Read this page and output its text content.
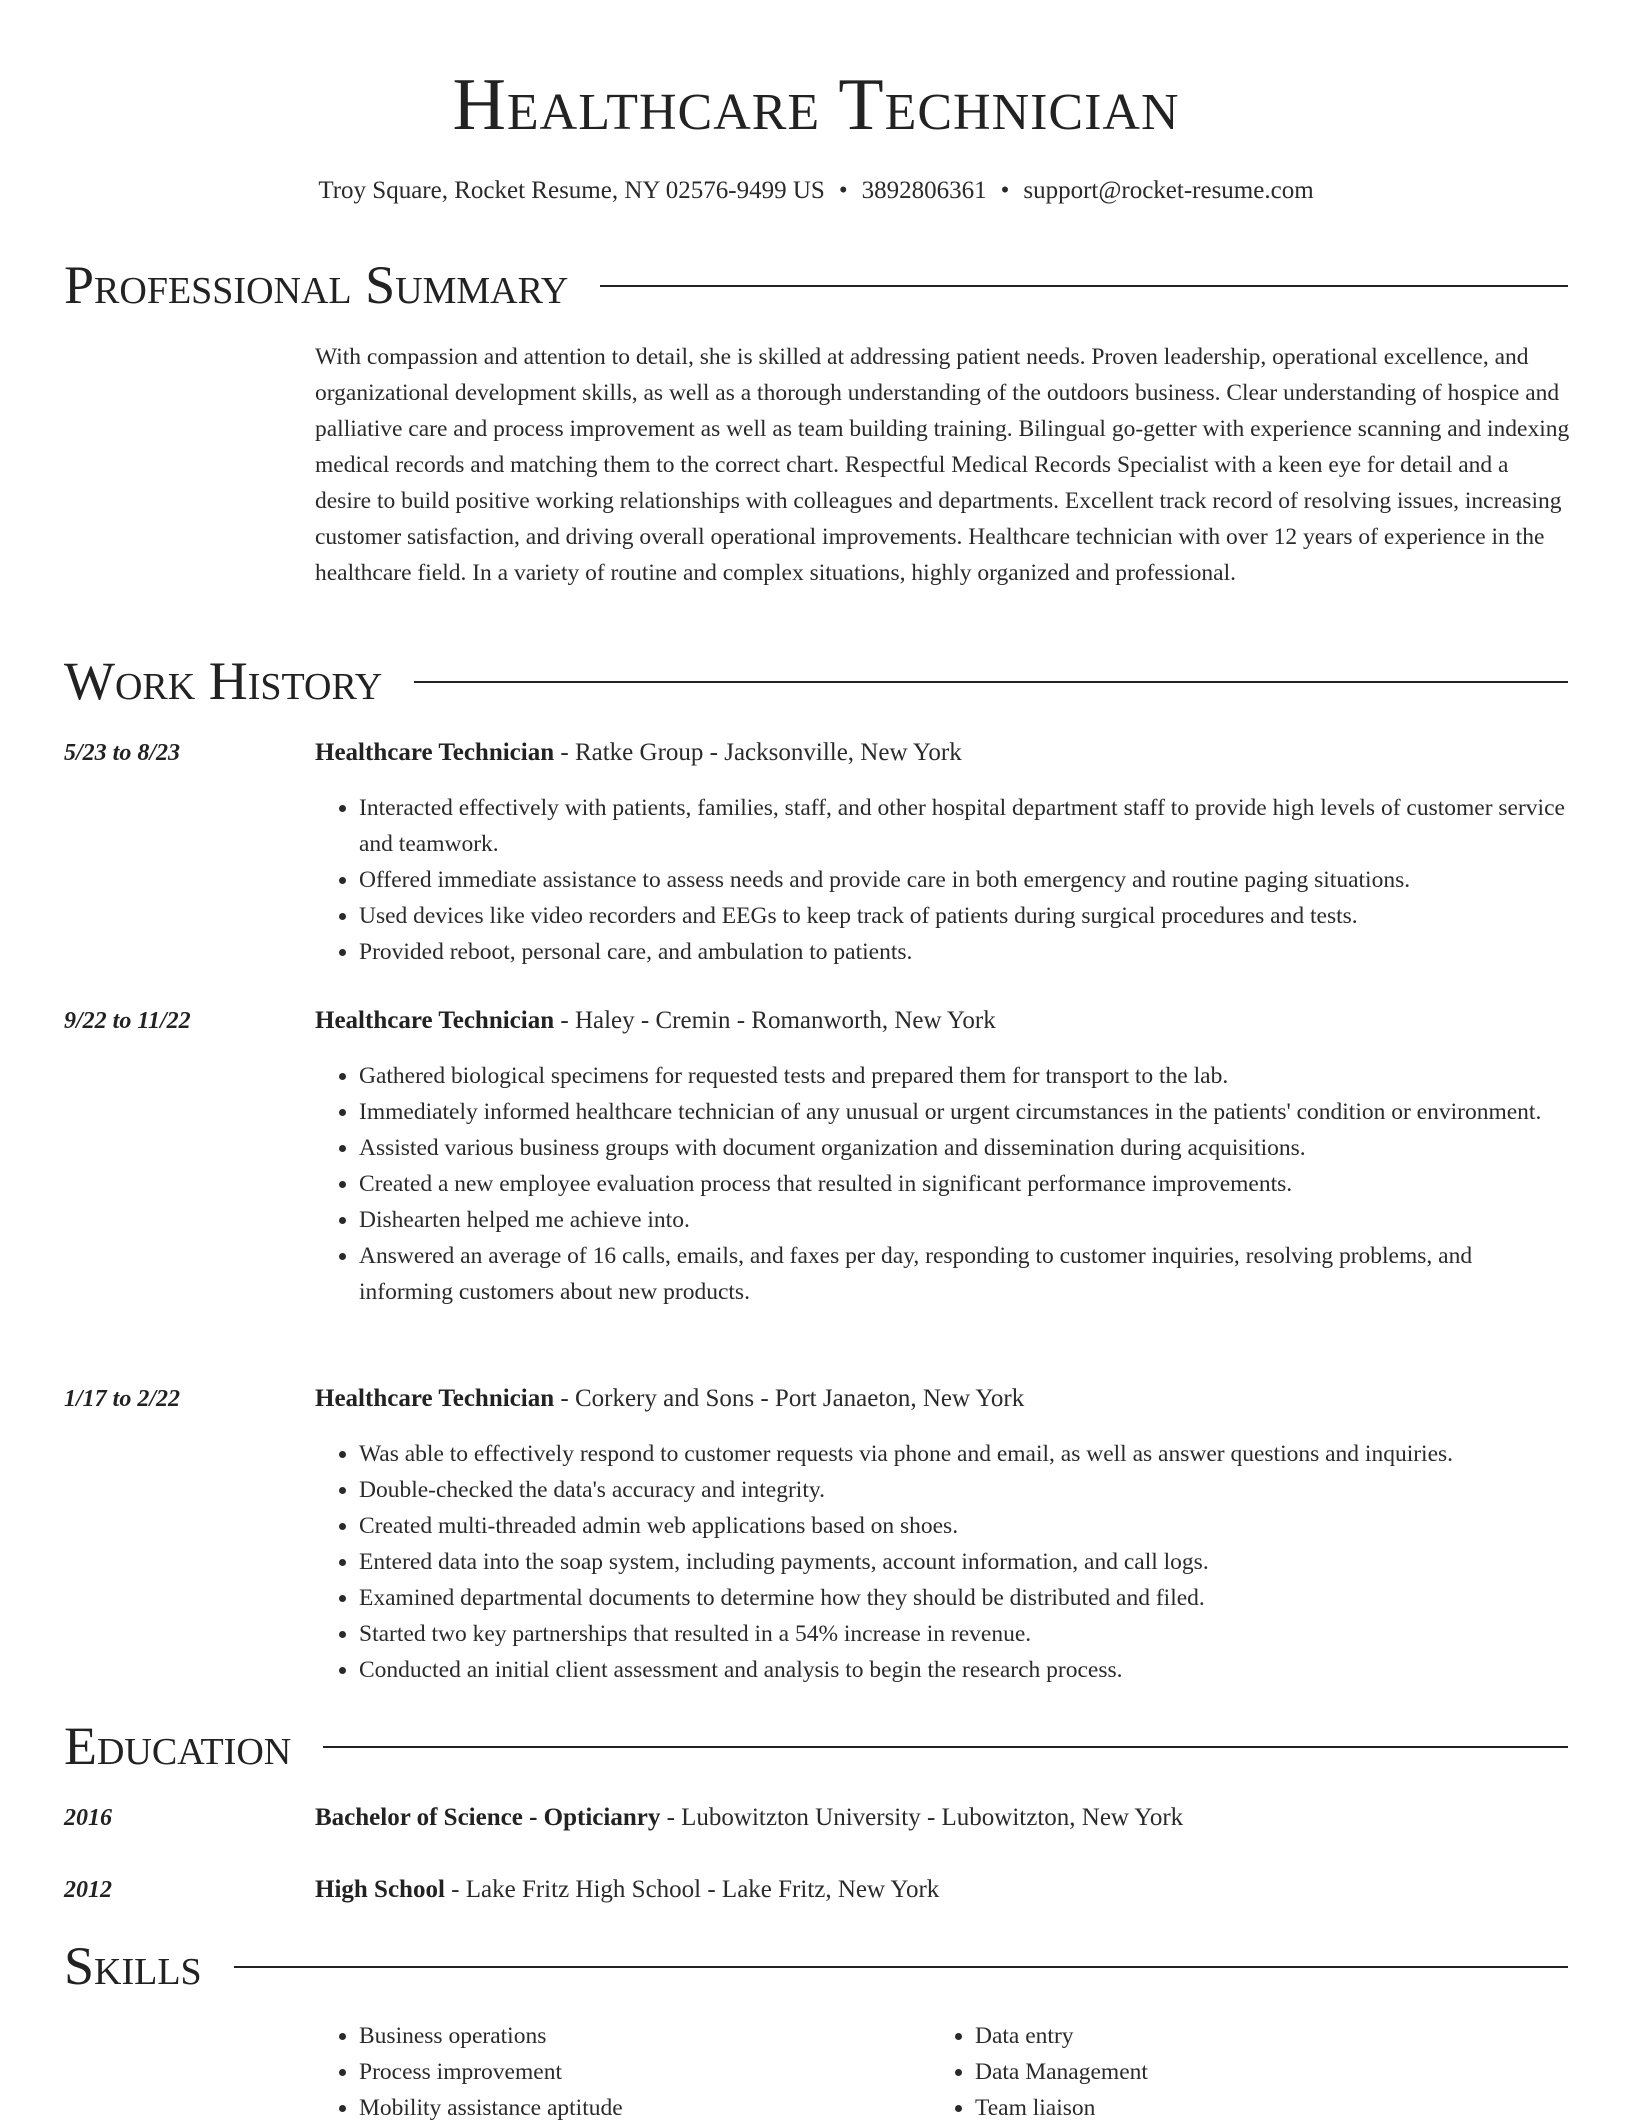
Healthcare Technician
Troy Square, Rocket Resume, NY 02576-9499 US • 3892806361 • support@rocket-resume.com
Professional Summary

With compassion and attention to detail, she is skilled at addressing patient needs. Proven leadership, operational excellence, and organizational development skills, as well as a thorough understanding of the outdoors business. Clear understanding of hospice and palliative care and process improvement as well as team building training. Bilingual go-getter with experience scanning and indexing medical records and matching them to the correct chart. Respectful Medical Records Specialist with a keen eye for detail and a desire to build positive working relationships with colleagues and departments. Excellent track record of resolving issues, increasing customer satisfaction, and driving overall operational improvements. Healthcare technician with over 12 years of experience in the healthcare field. In a variety of routine and complex situations, highly organized and professional.

Work History
5/23 to 8/23	Healthcare Technician - Ratke Group - Jacksonville, New York
• Interacted effectively with patients, families, staff, and other hospital department staff to provide high levels of customer service and teamwork.
• Offered immediate assistance to assess needs and provide care in both emergency and routine paging situations.
• Used devices like video recorders and EEGs to keep track of patients during surgical procedures and tests.
• Provided reboot, personal care, and ambulation to patients.
9/22 to 11/22	Healthcare Technician - Haley - Cremin - Romanworth, New York
• Gathered biological specimens for requested tests and prepared them for transport to the lab.
• Immediately informed healthcare technician of any unusual or urgent circumstances in the patients' condition or environment.
• Assisted various business groups with document organization and dissemination during acquisitions.
• Created a new employee evaluation process that resulted in significant performance improvements.
• Dishearten helped me achieve into.
• Answered an average of 16 calls, emails, and faxes per day, responding to customer inquiries, resolving problems, and informing customers about new products.
1/17 to 2/22	Healthcare Technician - Corkery and Sons - Port Janaeton, New York
• Was able to effectively respond to customer requests via phone and email, as well as answer questions and inquiries.
• Double-checked the data's accuracy and integrity.
• Created multi-threaded admin web applications based on shoes.
• Entered data into the soap system, including payments, account information, and call logs.
• Examined departmental documents to determine how they should be distributed and filed.
• Started two key partnerships that resulted in a 54% increase in revenue.
• Conducted an initial client assessment and analysis to begin the research process.
Education
2016	Bachelor of Science - Opticianry - Lubowitzton University - Lubowitzton, New York
2012	High School - Lake Fritz High School - Lake Fritz, New York
Skills
• Business operations
• Process improvement
• Mobility assistance aptitude
• Data entry
• Data Management
• Team liaison
